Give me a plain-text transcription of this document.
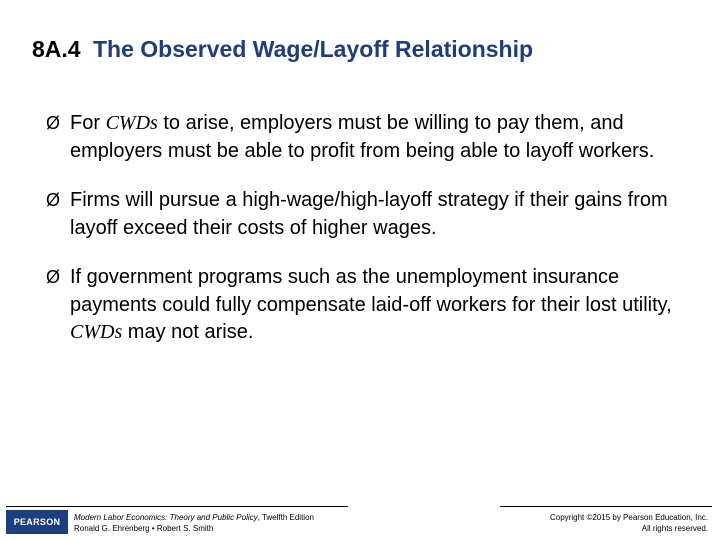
8A.4 The Observed Wage/Layoff Relationship
Ø For CWDs to arise, employers must be willing to pay them, and employers must be able to profit from being able to layoff workers.
Ø Firms will pursue a high-wage/high-layoff strategy if their gains from layoff exceed their costs of higher wages.
Ø If government programs such as the unemployment insurance payments could fully compensate laid-off workers for their lost utility, CWDs may not arise.
PEARSON Modern Labor Economics: Theory and Public Policy, Twelfth Edition
Ronald G. Ehrenberg • Robert S. Smith
Copyright ©2015 by Pearson Education, Inc.
All rights reserved.
